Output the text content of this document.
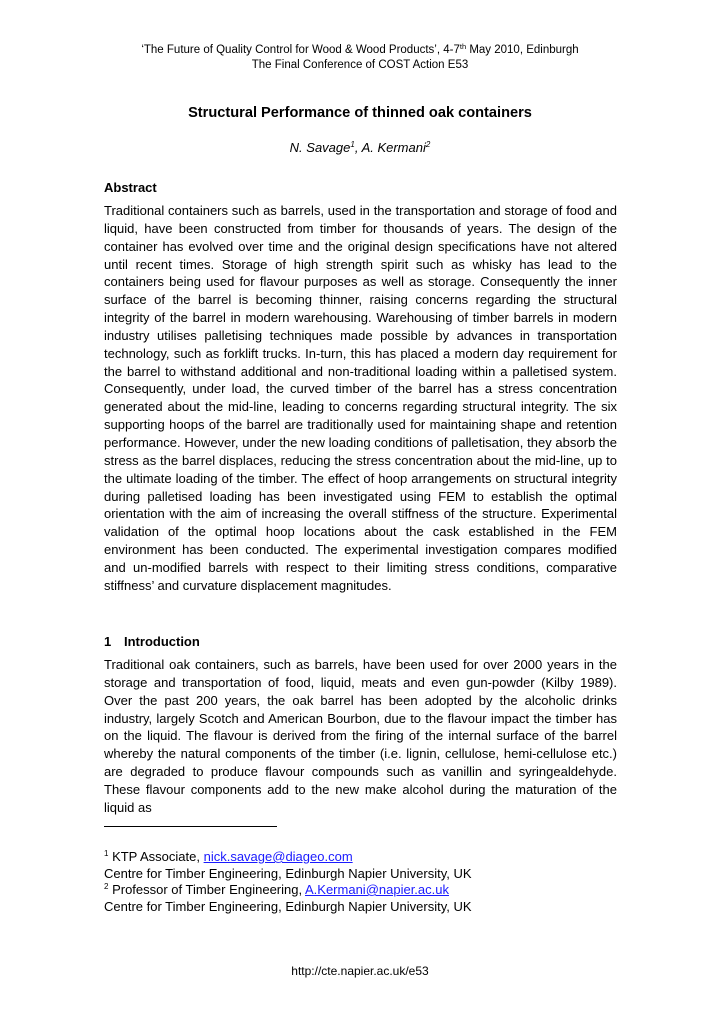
‘The Future of Quality Control for Wood & Wood Products’, 4-7th May 2010, Edinburgh
The Final Conference of COST Action E53
Structural Performance of thinned oak containers
N. Savage$^1$, A. Kermani$^2$
Abstract

Traditional containers such as barrels, used in the transportation and storage of food and liquid, have been constructed from timber for thousands of years. The design of the container has evolved over time and the original design specifications have not altered until recent times. Storage of high strength spirit such as whisky has lead to the containers being used for flavour purposes as well as storage. Consequently the inner surface of the barrel is becoming thinner, raising concerns regarding the structural integrity of the barrel in modern warehousing. Warehousing of timber barrels in modern industry utilises palletising techniques made possible by advances in transportation technology, such as forklift trucks. In-turn, this has placed a modern day requirement for the barrel to withstand additional and non-traditional loading within a palletised system. Consequently, under load, the curved timber of the barrel has a stress concentration generated about the mid-line, leading to concerns regarding structural integrity. The six supporting hoops of the barrel are traditionally used for maintaining shape and retention performance. However, under the new loading conditions of palletisation, they absorb the stress as the barrel displaces, reducing the stress concentration about the mid-line, up to the ultimate loading of the timber. The effect of hoop arrangements on structural integrity during palletised loading has been investigated using FEM to establish the optimal orientation with the aim of increasing the overall stiffness of the structure. Experimental validation of the optimal hoop locations about the cask established in the FEM environment has been conducted. The experimental investigation compares modified and un-modified barrels with respect to their limiting stress conditions, comparative stiffness’ and curvature displacement magnitudes.

1 Introduction

Traditional oak containers, such as barrels, have been used for over 2000 years in the storage and transportation of food, liquid, meats and even gun-powder (Kilby 1989). Over the past 200 years, the oak barrel has been adopted by the alcoholic drinks industry, largely Scotch and American Bourbon, due to the flavour impact the timber has on the liquid. The flavour is derived from the firing of the internal surface of the barrel whereby the natural components of the timber (i.e. lignin, cellulose, hemi-cellulose etc.) are degraded to produce flavour compounds such as vanillin and syringealdehyde. These flavour components add to the new make alcohol during the maturation of the liquid as

$^1$ KTP Associate, nick.savage@diageo.com
Centre for Timber Engineering, Edinburgh Napier University, UK
$^2$ Professor of Timber Engineering, A.Kermani@napier.ac.uk
Centre for Timber Engineering, Edinburgh Napier University, UK
http://cte.napier.ac.uk/e53
